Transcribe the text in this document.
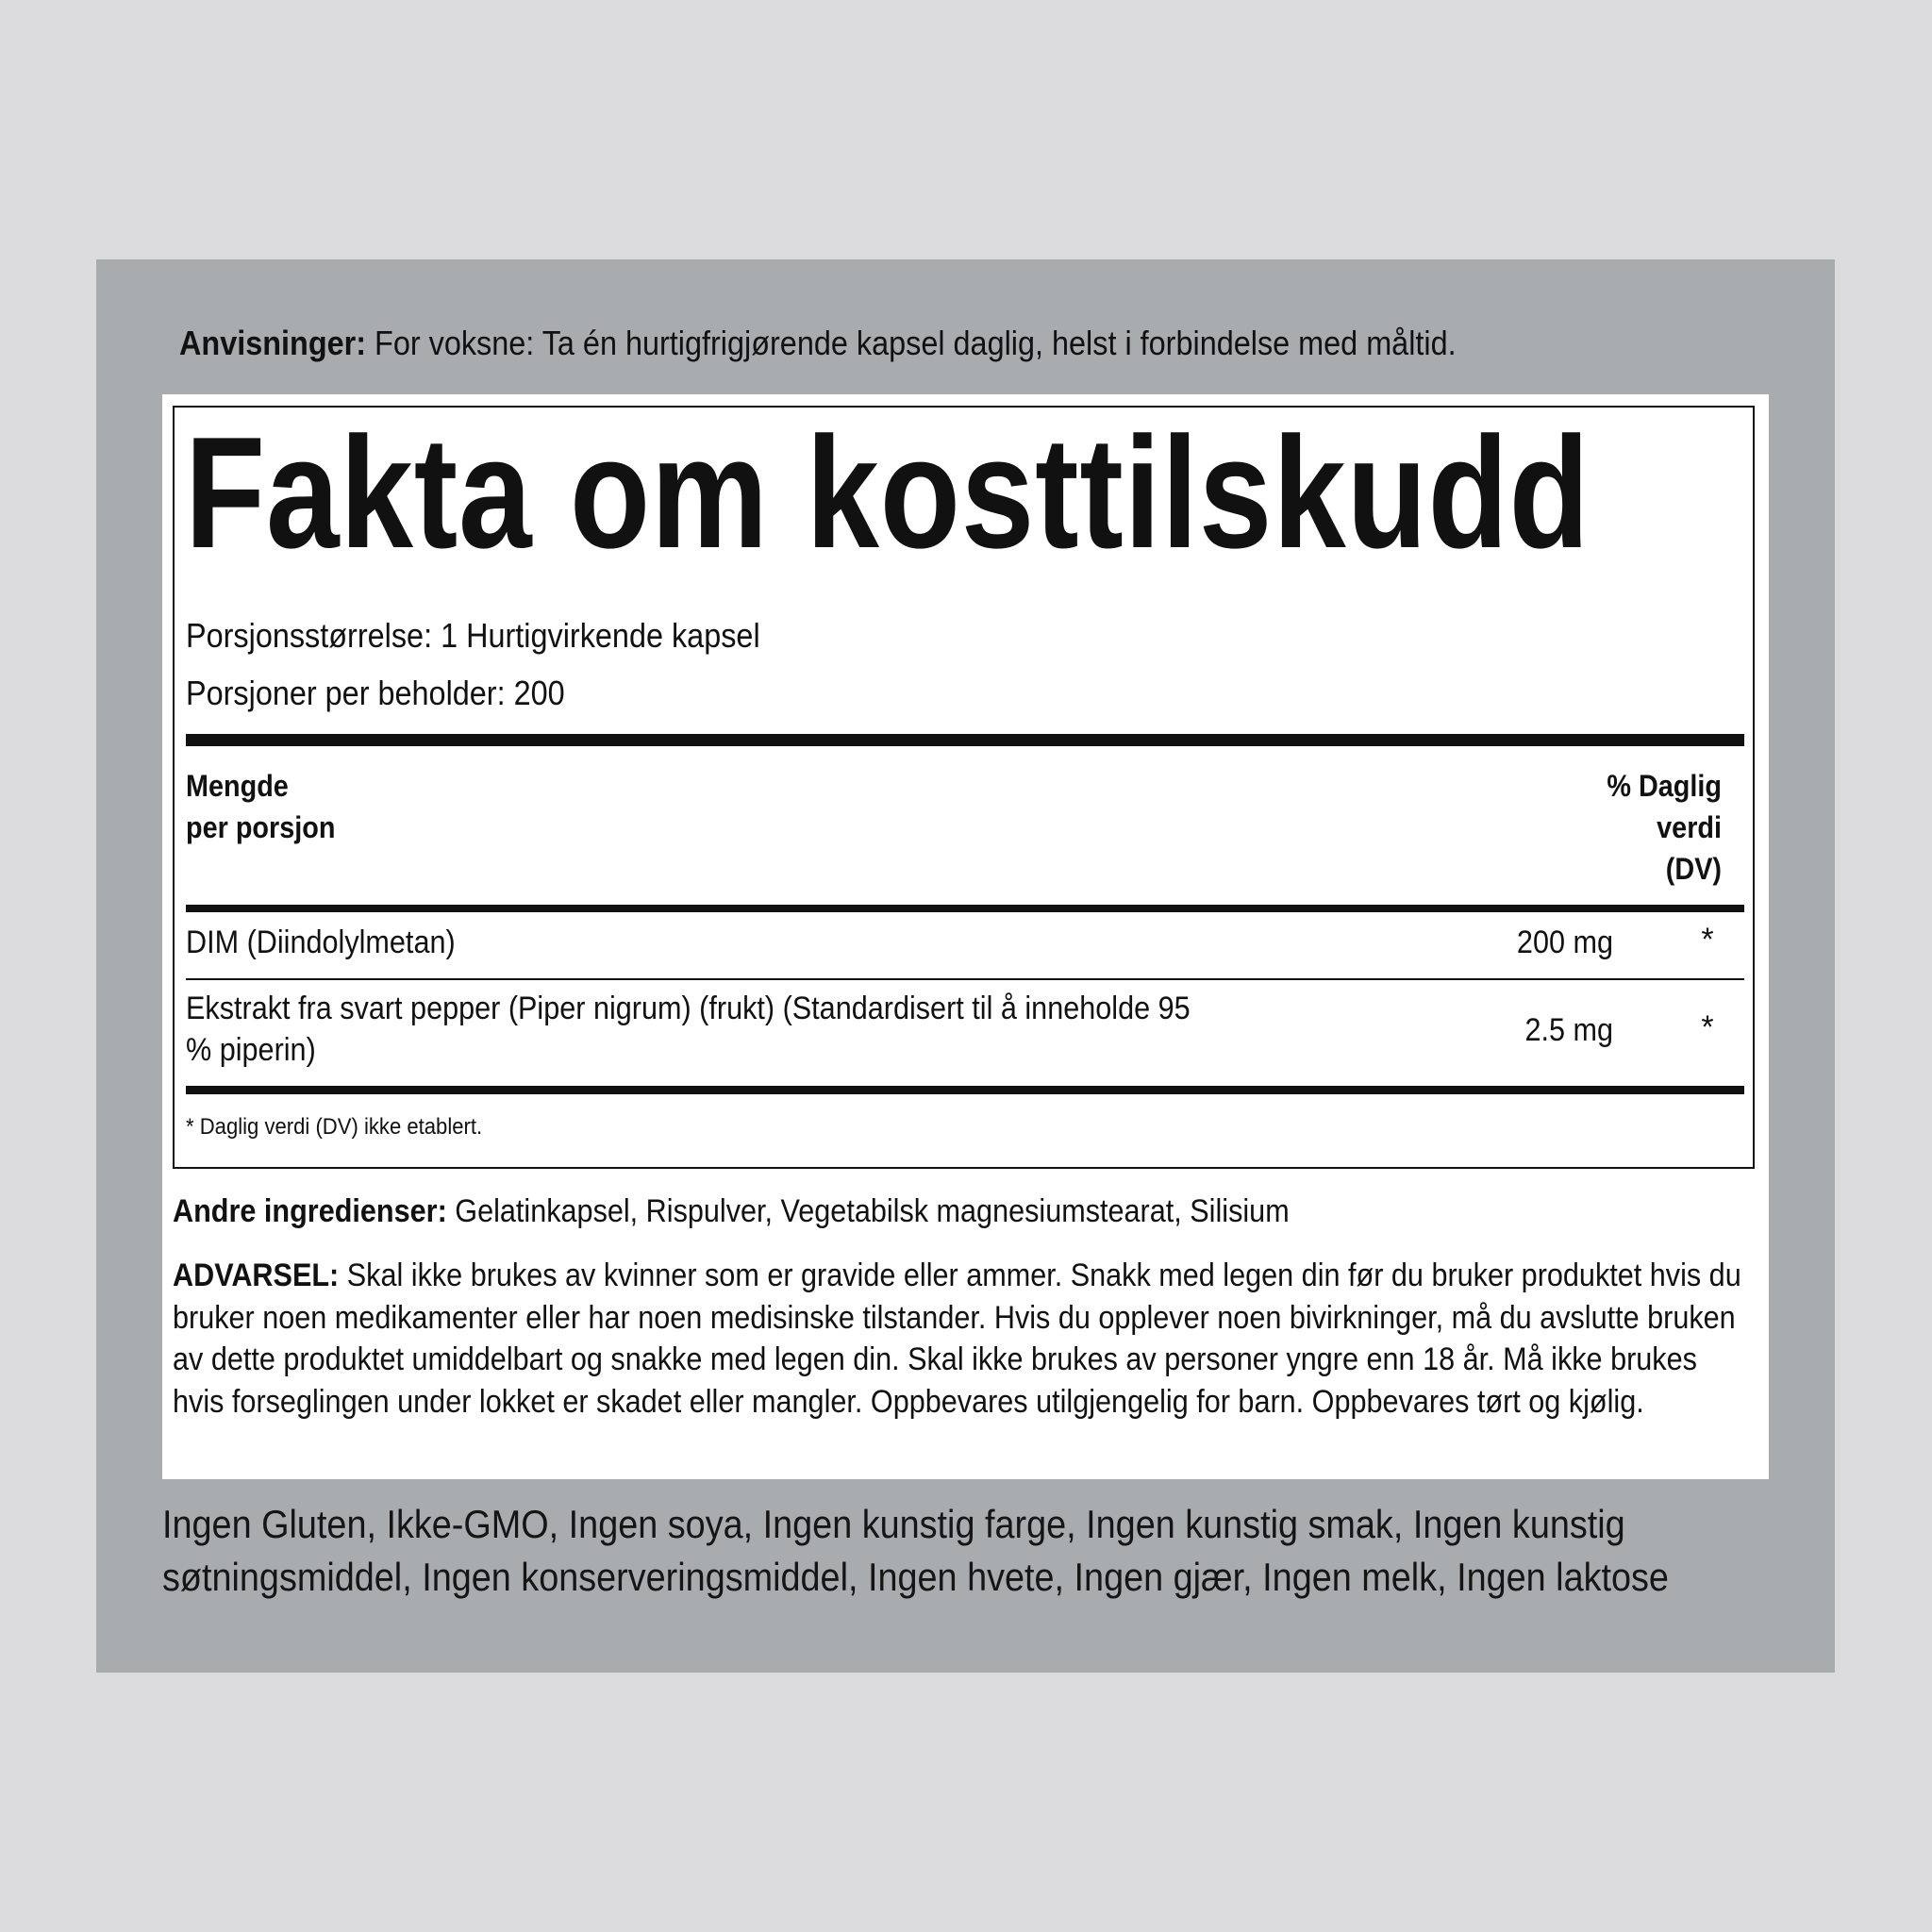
Anvisninger: For voksne: Ta én hurtigfrigjørende kapsel daglig, helst i forbindelse med måltid.
Fakta om kosttilskudd
Porsjonsstørrelse: 1 Hurtigvirkende kapsel
Porsjoner per beholder: 200
Mengde
per porsjon
% Daglig
verdi
(DV)
DIM (Diindolylmetan)	200 mg	*
Ekstrakt fra svart pepper (Piper nigrum) (frukt) (Standardisert til å inneholde 95
% piperin)
2.5 mg	*
* Daglig verdi (DV) ikke etablert.
Andre ingredienser: Gelatinkapsel, Rispulver, Vegetabilsk magnesiumstearat, Silisium
ADVARSEL: Skal ikke brukes av kvinner som er gravide eller ammer. Snakk med legen din før du bruker produktet hvis du bruker noen medikamenter eller har noen medisinske tilstander. Hvis du opplever noen bivirkninger, må du avslutte bruken av dette produktet umiddelbart og snakke med legen din. Skal ikke brukes av personer yngre enn 18 år. Må ikke brukes hvis forseglingen under lokket er skadet eller mangler. Oppbevares utilgjengelig for barn. Oppbevares tørt og kjølig.
Ingen Gluten, Ikke-GMO, Ingen soya, Ingen kunstig farge, Ingen kunstig smak, Ingen kunstig søtningsmiddel, Ingen konserveringsmiddel, Ingen hvete, Ingen gjær, Ingen melk, Ingen laktose
